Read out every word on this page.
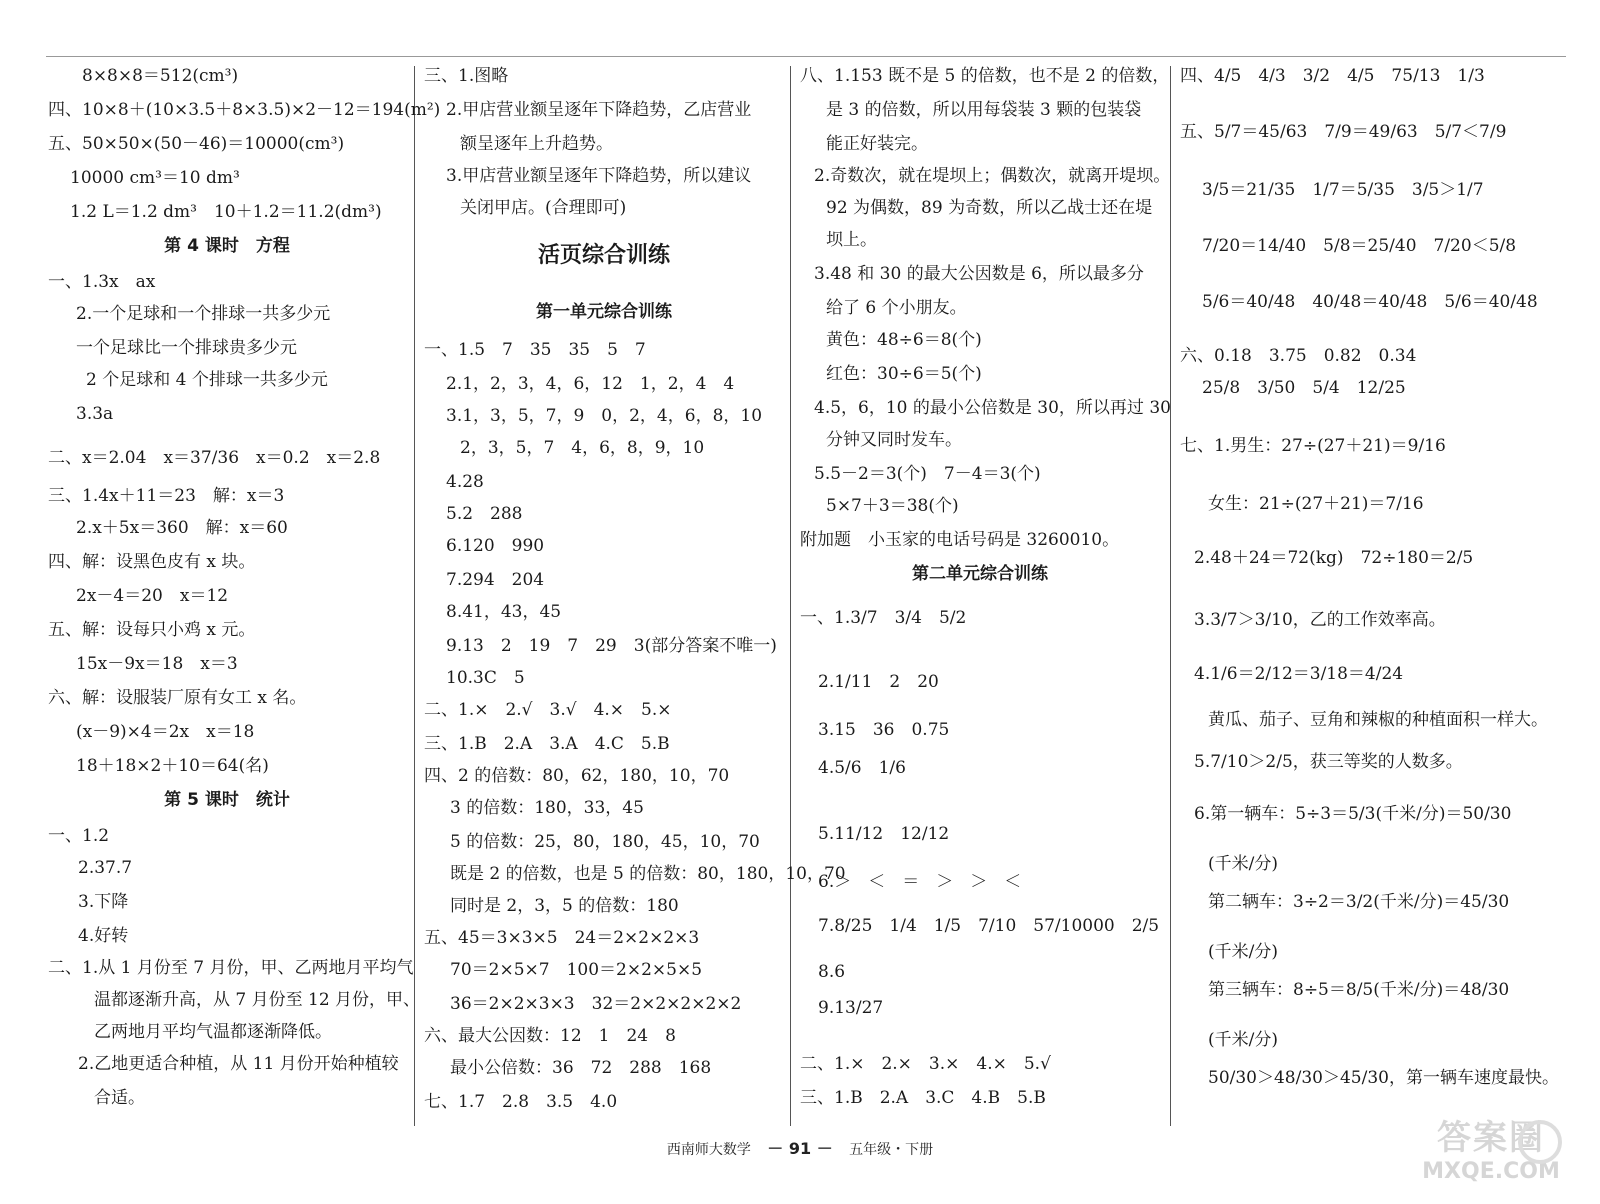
8×8×8＝512(cm³)
四、10×8＋(10×3.5＋8×3.5)×2－12＝194(m²)
五、50×50×(50－46)＝10000(cm³)
10000 cm³＝10 dm³
1.2 L＝1.2 dm³　10＋1.2＝11.2(dm³)
第 4 课时　方程
一、1.3x　ax
2.一个足球和一个排球一共多少元
一个足球比一个排球贵多少元
2 个足球和 4 个排球一共多少元
3.3a
二、x＝2.04　x＝37/36　x＝0.2　x＝2.8
三、1.4x＋11＝23　解：x＝3
2.x＋5x＝360　解：x＝60
四、解：设黑色皮有 x 块。
2x－4＝20　x＝12
五、解：设每只小鸡 x 元。
15x－9x＝18　x＝3
六、解：设服装厂原有女工 x 名。
(x－9)×4＝2x　x＝18
18＋18×2＋10＝64(名)
第 5 课时　统计
一、1.2
2.37.7
3.下降
4.好转
二、1.从 1 月份至 7 月份，甲、乙两地月平均气
温都逐渐升高，从 7 月份至 12 月份，甲、
乙两地月平均气温都逐渐降低。
2.乙地更适合种植，从 11 月份开始种植较
合适。
三、1.图略
2.甲店营业额呈逐年下降趋势，乙店营业
额呈逐年上升趋势。
3.甲店营业额呈逐年下降趋势，所以建议
关闭甲店。(合理即可)
活页综合训练
第一单元综合训练
一、1.5　7　35　35　5　7
2.1，2，3，4，6，12　1，2，4　4
3.1，3，5，7，9　0，2，4，6，8，10
2，3，5，7　4，6，8，9，10
4.28
5.2　288
6.120　990
7.294　204
8.41，43，45
9.13　2　19　7　29　3(部分答案不唯一)
10.3C　5
二、1.×　2.√　3.√　4.×　5.×
三、1.B　2.A　3.A　4.C　5.B
四、2 的倍数：80，62，180，10，70
3 的倍数：180，33，45
5 的倍数：25，80，180，45，10，70
既是 2 的倍数，也是 5 的倍数：80，180，10，70
同时是 2，3，5 的倍数：180
五、45＝3×3×5　24＝2×2×2×3
70＝2×5×7　100＝2×2×5×5
36＝2×2×3×3　32＝2×2×2×2×2
六、最大公因数：12　1　24　8
最小公倍数：36　72　288　168
七、1.7　2.8　3.5　4.0
八、1.153 既不是 5 的倍数，也不是 2 的倍数，
是 3 的倍数，所以用每袋装 3 颗的包装袋
能正好装完。
2.奇数次，就在堤坝上；偶数次，就离开堤坝。
92 为偶数，89 为奇数，所以乙战士还在堤
坝上。
3.48 和 30 的最大公因数是 6，所以最多分
给了 6 个小朋友。
黄色：48÷6＝8(个)
红色：30÷6＝5(个)
4.5，6，10 的最小公倍数是 30，所以再过 30
分钟又同时发车。
5.5－2＝3(个)　7－4＝3(个)
5×7＋3＝38(个)
附加题　小玉家的电话号码是 3260010。
第二单元综合训练
一、1.3/7　3/4　5/2
2.1/11　2　20
3.15　36　0.75
4.5/6　1/6
5.11/12　12/12
6.＞　＜　＝　＞　＞　＜
7.8/25　1/4　1/5　7/10　57/10000　2/5
8.6
9.13/27
二、1.×　2.×　3.×　4.×　5.√
三、1.B　2.A　3.C　4.B　5.B
四、4/5　4/3　3/2　4/5　75/13　1/3
五、5/7＝45/63　7/9＝49/63　5/7＜7/9
3/5＝21/35　1/7＝5/35　3/5＞1/7
7/20＝14/40　5/8＝25/40　7/20＜5/8
5/6＝40/48　40/48＝40/48　5/6＝40/48
六、0.18　3.75　0.82　0.34
25/8　3/50　5/4　12/25
七、1.男生：27÷(27＋21)＝9/16
女生：21÷(27＋21)＝7/16
2.48＋24＝72(kg)　72÷180＝2/5
3.3/7＞3/10，乙的工作效率高。
4.1/6＝2/12＝3/18＝4/24
黄瓜、茄子、豆角和辣椒的种植面积一样大。
5.7/10＞2/5，获三等奖的人数多。
6.第一辆车：5÷3＝5/3(千米/分)＝50/30
(千米/分)
第二辆车：3÷2＝3/2(千米/分)＝45/30
(千米/分)
第三辆车：8÷5＝8/5(千米/分)＝48/30
(千米/分)
50/30＞48/30＞45/30，第一辆车速度最快。
西南师大数学 － 91 － 五年级・下册	答案圈
MXQE.COM
